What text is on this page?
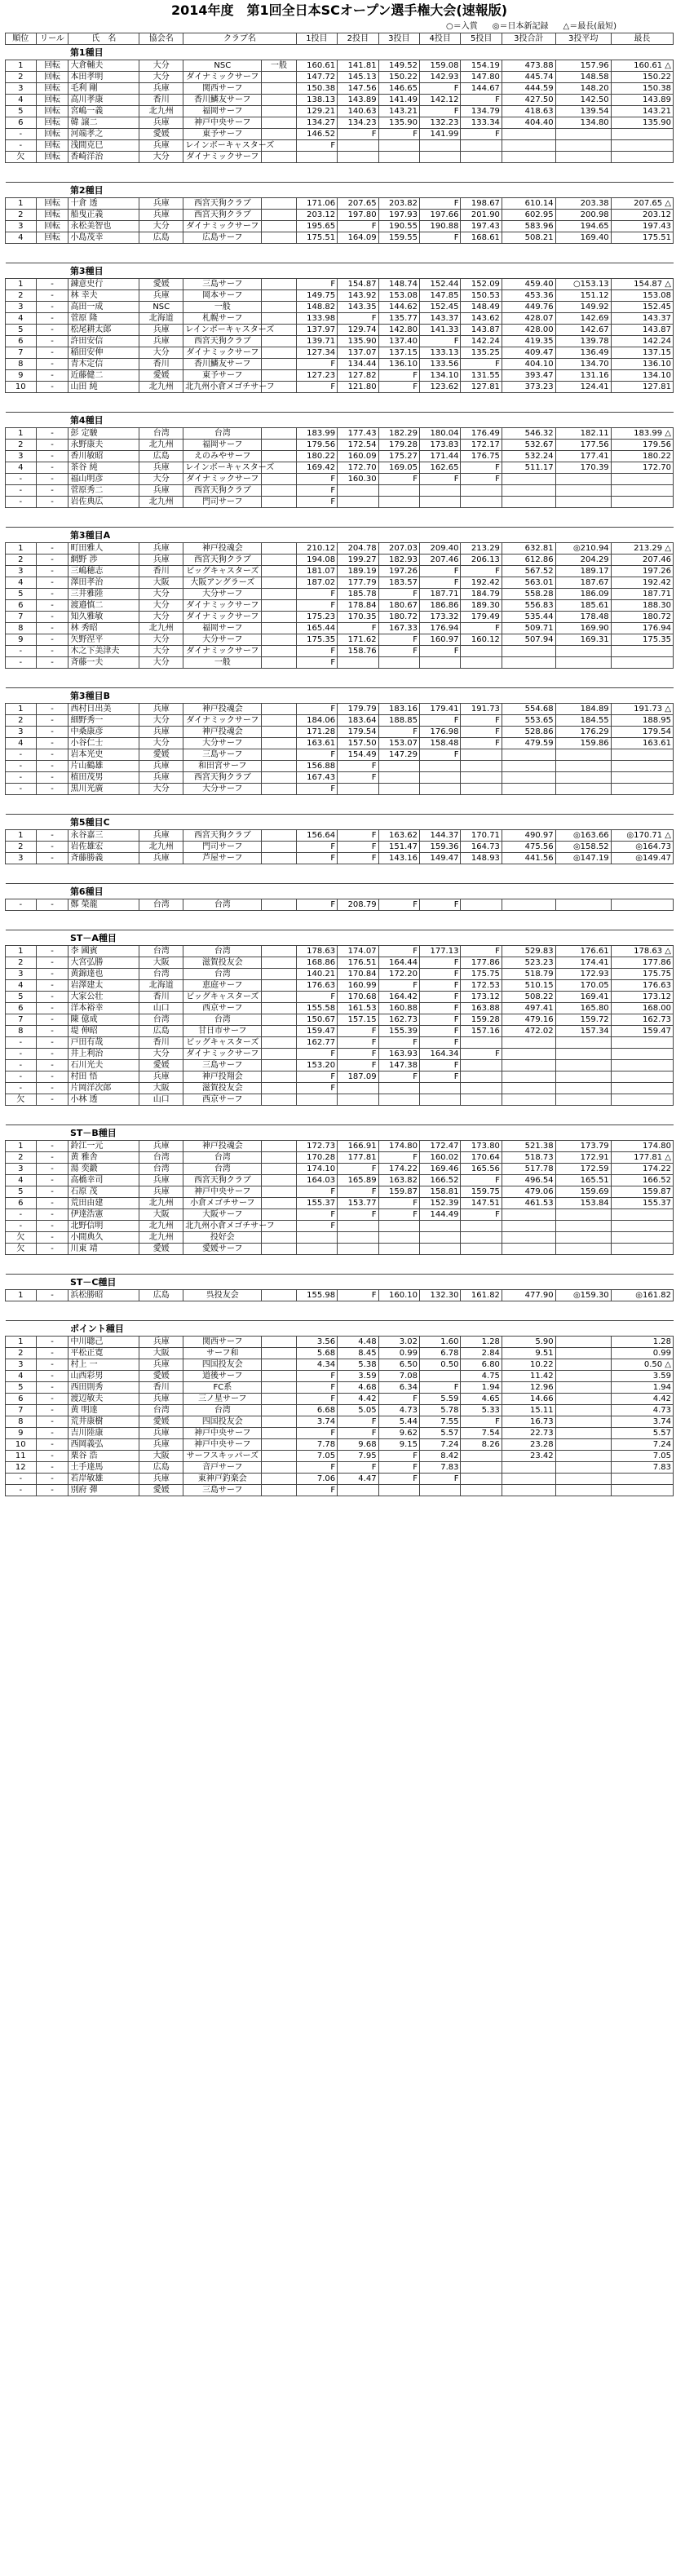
2014年度　第1回全日本SCオープン選手権大会(速報版)
○＝入賞 ◎＝日本新記録 △＝最長(最短)
順位	リール	氏　名	協会名	クラブ名		1投目	2投目	3投目	4投目	5投目	3投合計	3投平均	最長
		第1種目											
1	回転	大倉輔夫	大分	NSC	一般	160.61	141.81	149.52	159.08	154.19	473.88	157.96	160.61 △
2	回転	本田孝明	大分	ダイナミックサーフ		147.72	145.13	150.22	142.93	147.80	445.74	148.58	150.22
3	回転	毛利 剛	兵庫	関西サーフ		150.38	147.56	146.65	F	144.67	444.59	148.20	150.38
4	回転	高川孝康	香川	香川鱗友サーフ		138.13	143.89	141.49	142.12	F	427.50	142.50	143.89
5	回転	宮嶋一義	北九州	福岡サーフ		129.21	140.63	143.21	F	134.79	418.63	139.54	143.21
6	回転	韓 譲二	兵庫	神戸中央サーフ		134.27	134.23	135.90	132.23	133.34	404.40	134.80	135.90
-	回転	河端孝之	愛媛	東予サーフ		146.52	F	F	141.99	F			
-	回転	浅間克巳	兵庫	レインボーキャスターズ		F							
欠	回転	香崎洋治	大分	ダイナミックサーフ									

		第2種目											
1	回転	十倉 透	兵庫	西宮天狗クラブ		171.06	207.65	203.82	F	198.67	610.14	203.38	207.65 △
2	回転	船曳正義	兵庫	西宮天狗クラブ		203.12	197.80	197.93	197.66	201.90	602.95	200.98	203.12
3	回転	永松美智也	大分	ダイナミックサーフ		195.65	F	190.55	190.88	197.43	583.96	194.65	197.43
4	回転	小島茂幸	広島	広島サーフ		175.51	164.09	159.55	F	168.61	508.21	169.40	175.51

		第3種目											
1	-	錬意史行	愛媛	三島サーフ		F	154.87	148.74	152.44	152.09	459.40	○153.13	154.87 △
2	-	林 幸夫	兵庫	岡本サーフ		149.75	143.92	153.08	147.85	150.53	453.36	151.12	153.08
3	-	高田一成	NSC	一般		148.82	143.35	144.62	152.45	148.49	449.76	149.92	152.45
4	-	菅原 隆	北海道	札幌サーフ		133.98	F	135.77	143.37	143.62	428.07	142.69	143.37
5	-	松尾耕太郎	兵庫	レインボーキャスターズ		137.97	129.74	142.80	141.33	143.87	428.00	142.67	143.87
6	-	許田安信	兵庫	西宮天狗クラブ		139.71	135.90	137.40	F	142.24	419.35	139.78	142.24
7	-	稲田安伸	大分	ダイナミックサーフ		127.34	137.07	137.15	133.13	135.25	409.47	136.49	137.15
8	-	青木定信	香川	香川鱗友サーフ		F	134.44	136.10	133.56	F	404.10	134.70	136.10
9	-	近藤健二	愛媛	東予サーフ		127.23	127.82	F	134.10	131.55	393.47	131.16	134.10
10	-	山田 純	北九州	北九州小倉メゴチサーフ		F	121.80	F	123.62	127.81	373.23	124.41	127.81

		第4種目											
1	-	彭 定駿	台湾	台湾		183.99	177.43	182.29	180.04	176.49	546.32	182.11	183.99 △
2	-	永野康夫	北九州	福岡サーフ		179.56	172.54	179.28	173.83	172.17	532.67	177.56	179.56
3	-	香川敏昭	広島	えのみやサーフ		180.22	160.09	175.27	171.44	176.75	532.24	177.41	180.22
4	-	茶谷 純	兵庫	レインボーキャスターズ		169.42	172.70	169.05	162.65	F	511.17	170.39	172.70
-	-	福山明彦	大分	ダイナミックサーフ		F	160.30	F	F	F			
-	-	菅原秀二	兵庫	西宮天狗クラブ		F							
-	-	岩佐典広	北九州	門司サーフ		F							

		第3種目A											
1	-	町田雅人	兵庫	神戸投魂会		210.12	204.78	207.03	209.40	213.29	632.81	◎210.94	213.29 △
2	-	網野 渉	兵庫	西宮天狗クラブ		194.08	199.27	182.93	207.46	206.13	612.86	204.29	207.46
3	-	三嶋穂志	香川	ビッグキャスターズ		181.07	189.19	197.26	F	F	567.52	189.17	197.26
4	-	澤田孝治	大阪	大阪アングラーズ		187.02	177.79	183.57	F	192.42	563.01	187.67	192.42
5	-	三井雅陸	大分	大分サーフ		F	185.78	F	187.71	184.79	558.28	186.09	187.71
6	-	渡邉慎二	大分	ダイナミックサーフ		F	178.84	180.67	186.86	189.30	556.83	185.61	188.30
7	-	知久雅敏	大分	ダイナミックサーフ		175.23	170.35	180.72	173.32	179.49	535.44	178.48	180.72
8	-	林 秀昭	北九州	福岡サーフ		165.44	F	167.33	176.94	F	509.71	169.90	176.94
9	-	矢野涅平	大分	大分サーフ		175.35	171.62	F	160.97	160.12	507.94	169.31	175.35
-	-	木之下美津夫	大分	ダイナミックサーフ		F	158.76	F	F				
-	-	斉藤一夫	大分	一般		F							

		第3種目B											
1	-	西村日出美	兵庫	神戸投魂会		F	179.79	183.16	179.41	191.73	554.68	184.89	191.73 △
2	-	細野秀一	大分	ダイナミックサーフ		184.06	183.64	188.85	F	F	553.65	184.55	188.95
3	-	中桑康彦	兵庫	神戸投魂会		171.28	179.54	F	176.98	F	528.86	176.29	179.54
4	-	小谷仁士	大分	大分サーフ		163.61	157.50	153.07	158.48	F	479.59	159.86	163.61
-	-	岩本光史	愛媛	三島サーフ		F	154.49	147.29	F				
-	-	片山鶴雄	兵庫	和田宮サーフ		156.88	F						
-	-	植田茂男	兵庫	西宮天狗クラブ		167.43	F						
-	-	黒川光廣	大分	大分サーフ		F							

		第5種目C											
1	-	永谷嘉三	兵庫	西宮天狗クラブ		156.64	F	163.62	144.37	170.71	490.97	◎163.66	◎170.71 △
2	-	岩佐雄宏	北九州	門司サーフ		F	F	151.47	159.36	164.73	475.56	◎158.52	◎164.73
3	-	斉藤勝義	兵庫	芦屋サーフ		F	F	143.16	149.47	148.93	441.56	◎147.19	◎149.47

		第6種目											
-	-	鄭 榮龍	台湾	台湾		F	208.79	F	F				

		ST－A種目											
1	-	李 國賓	台湾	台湾		178.63	174.07	F	177.13	F	529.83	176.61	178.63 △
2	-	大宮弘勝	大阪	滋賀投友会		168.86	176.51	164.44	F	177.86	523.23	174.41	177.86
3	-	黄錦達也	台湾	台湾		140.21	170.84	172.20	F	175.75	518.79	172.93	175.75
4	-	岩澤建太	北海道	恵庭サーフ		176.63	160.99	F	F	172.53	510.15	170.05	176.63
5	-	大家公壮	香川	ビッグキャスターズ		F	170.68	164.42	F	173.12	508.22	169.41	173.12
6	-	洋本裕幸	山口	西京サーフ		155.58	161.53	160.88	F	163.88	497.41	165.80	168.00
7	-	陳 億成	台湾	台湾		150.67	157.15	162.73	F	159.28	479.16	159.72	162.73
8	-	堤 伸昭	広島	甘日市サーフ		159.47	F	155.39	F	157.16	472.02	157.34	159.47
-	-	戸田有哉	香川	ビッグキャスターズ		162.77	F	F	F				
-	-	井上利治	大分	ダイナミックサーフ		F	F	163.93	164.34	F			
-	-	石川光夫	愛媛	三島サーフ		153.20	F	147.38	F				
-	-	村田 悟	兵庫	神戸投翔会		F	187.09	F	F				
-	-	片岡洋次郎	大阪	滋賀投友会		F							
欠	-	小林 透	山口	西京サーフ									

		ST－B種目											
1	-	鈴江一元	兵庫	神戸投魂会		172.73	166.91	174.80	172.47	173.80	521.38	173.79	174.80
2	-	黄 雅舎	台湾	台湾		170.28	177.81	F	160.02	170.64	518.73	172.91	177.81 △
3	-	湯 奕鍛	台湾	台湾		174.10	F	174.22	169.46	165.56	517.78	172.59	174.22
4	-	高橋幸司	兵庫	西宮天狗クラブ		164.03	165.89	163.82	166.52	F	496.54	165.51	166.52
5	-	石原 茂	兵庫	神戸中央サーフ		F	F	159.87	158.81	159.75	479.06	159.69	159.87
6	-	荒田由建	北九州	小倉メゴチサーフ		155.37	153.77	F	152.39	147.51	461.53	153.84	155.37
-	-	伊達浩憲	大阪	大阪サーフ		F	F	F	144.49	F			
-	-	北野信明	北九州	北九州小倉メゴチサーフ		F							
欠	-	小間典久	北九州	投好会									
欠	-	川東 靖	愛媛	愛媛サーフ									

		ST－C種目											
1	-	浜松勝昭	広島	呉投友会		155.98	F	160.10	132.30	161.82	477.90	◎159.30	◎161.82

		ポイント種目											
1	-	中川聰己	兵庫	関西サーフ		3.56	4.48	3.02	1.60	1.28	5.90		1.28
2	-	平松正寛	大阪	サーフ和		5.68	8.45	0.99	6.78	2.84	9.51		0.99
3	-	村上 一	兵庫	四国投友会		4.34	5.38	6.50	0.50	6.80	10.22		0.50 △
4	-	山西彩男	愛媛	道後サーフ		F	3.59	7.08		4.75	11.42		3.59
5	-	西田則秀	香川	FC系		F	4.68	6.34	F	1.94	12.96		1.94
6	-	渡辺敏夫	兵庫	三ノ星サーフ		F	4.42	F	5.59	4.65	14.66		4.42
7	-	黄 明達	台湾	台湾		6.68	5.05	4.73	5.78	5.33	15.11		4.73
8	-	荒井康樹	愛媛	四国投友会		3.74	F	5.44	7.55	F	16.73		3.74
9	-	吉川陸康	兵庫	神戸中央サーフ		F	F	9.62	5.57	7.54	22.73		5.57
10	-	西岡義弘	兵庫	神戸中央サーフ		7.78	9.68	9.15	7.24	8.26	23.28		7.24
11	-	栗谷 浩	大阪	サーフスキッパーズ		7.05	7.95	F	8.42		23.42		7.05
12	-	土手達馬	広島	音戸サーフ		F	F	F	7.83				7.83
-	-	若岸敏雄	兵庫	東神戸釣楽会		7.06	4.47	F	F				
-	-	別府 彈	愛媛	三島サーフ		F							
